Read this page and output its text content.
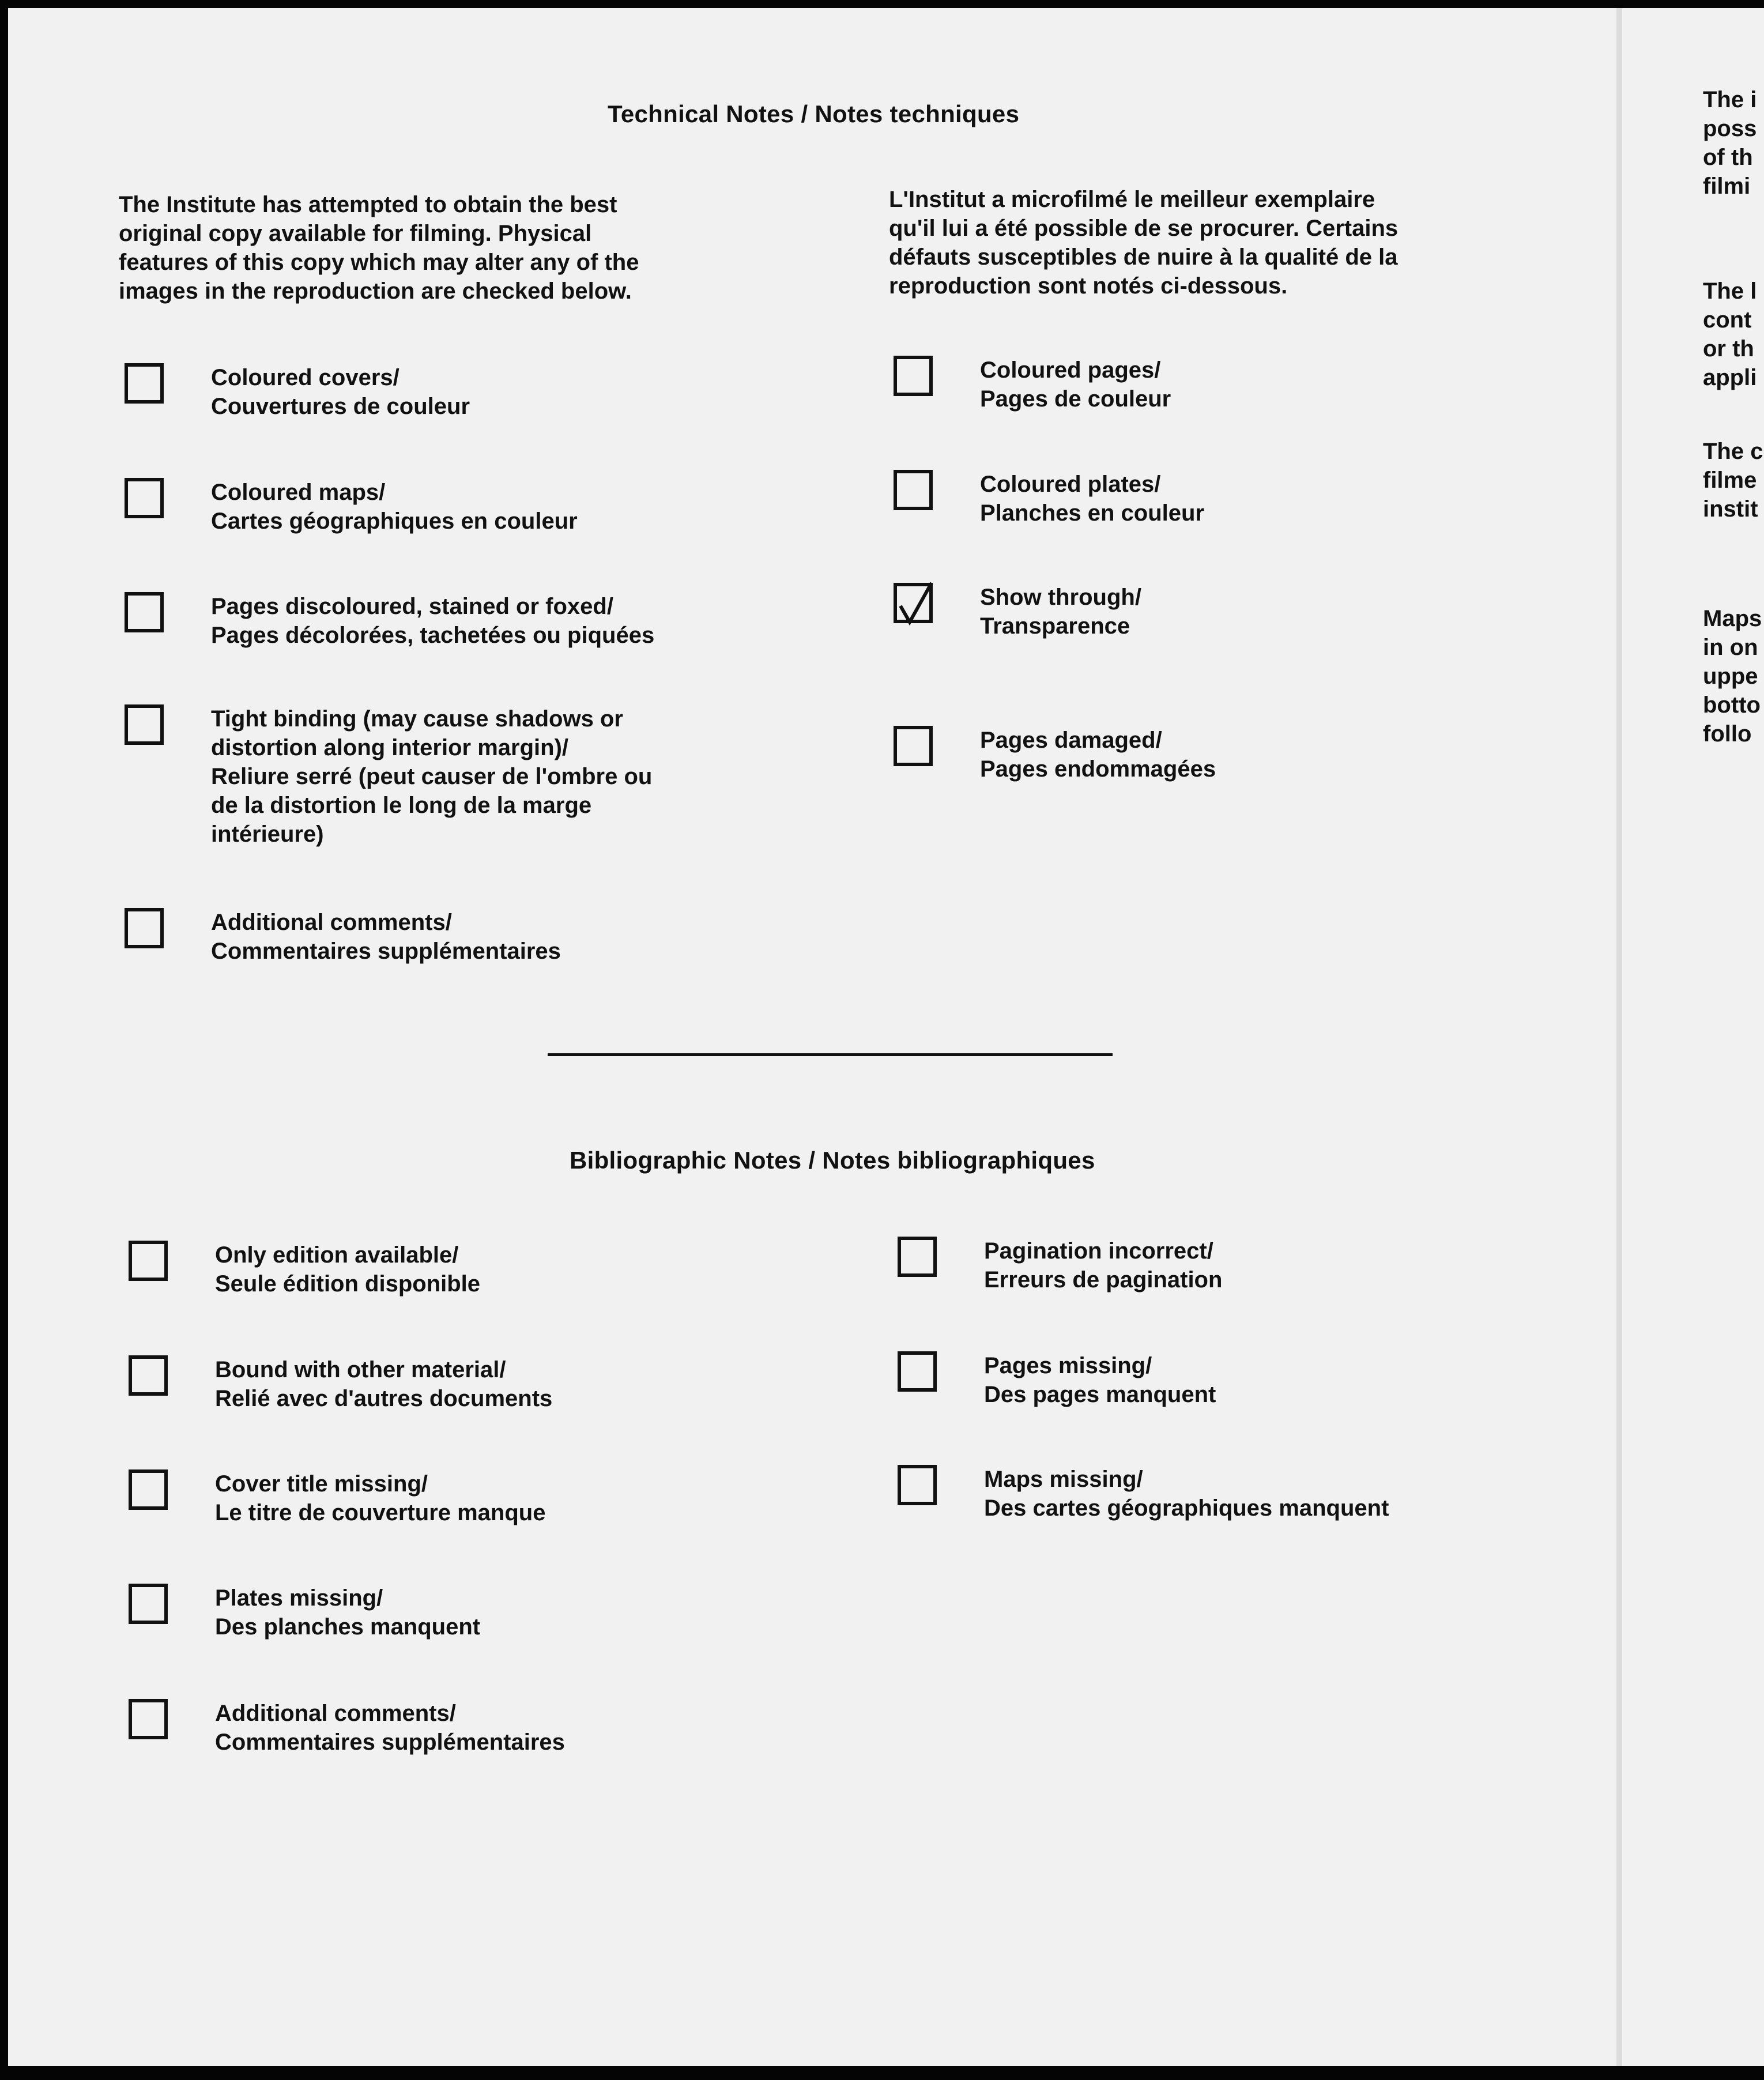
Technical Notes / Notes techniques
The Institute has attempted to obtain the best
original copy available for filming. Physical
features of this copy which may alter any of the
images in the reproduction are checked below.
L'Institut a microfilmé le meilleur exemplaire
qu'il lui a été possible de se procurer. Certains
défauts susceptibles de nuire à la qualité de la
reproduction sont notés ci-dessous.
Coloured covers/
Couvertures de couleur
Coloured maps/
Cartes géographiques en couleur
Pages discoloured, stained or foxed/
Pages décolorées, tachetées ou piquées
Tight binding (may cause shadows or
distortion along interior margin)/
Reliure serré (peut causer de l'ombre ou
de la distortion le long de la marge
intérieure)
Additional comments/
Commentaires supplémentaires
Coloured pages/
Pages de couleur
Coloured plates/
Planches en couleur
Show through/
Transparence
Pages damaged/
Pages endommagées
Bibliographic Notes / Notes bibliographiques
Only edition available/
Seule édition disponible
Bound with other material/
Relié avec d'autres documents
Cover title missing/
Le titre de couverture manque
Plates missing/
Des planches manquent
Additional comments/
Commentaires supplémentaires
Pagination incorrect/
Erreurs de pagination
Pages missing/
Des pages manquent
Maps missing/
Des cartes géographiques manquent
The i
poss
of th
filmi
The l
cont
or th
appli
The c
filme
instit
Maps
in on
uppe
botto
follo
